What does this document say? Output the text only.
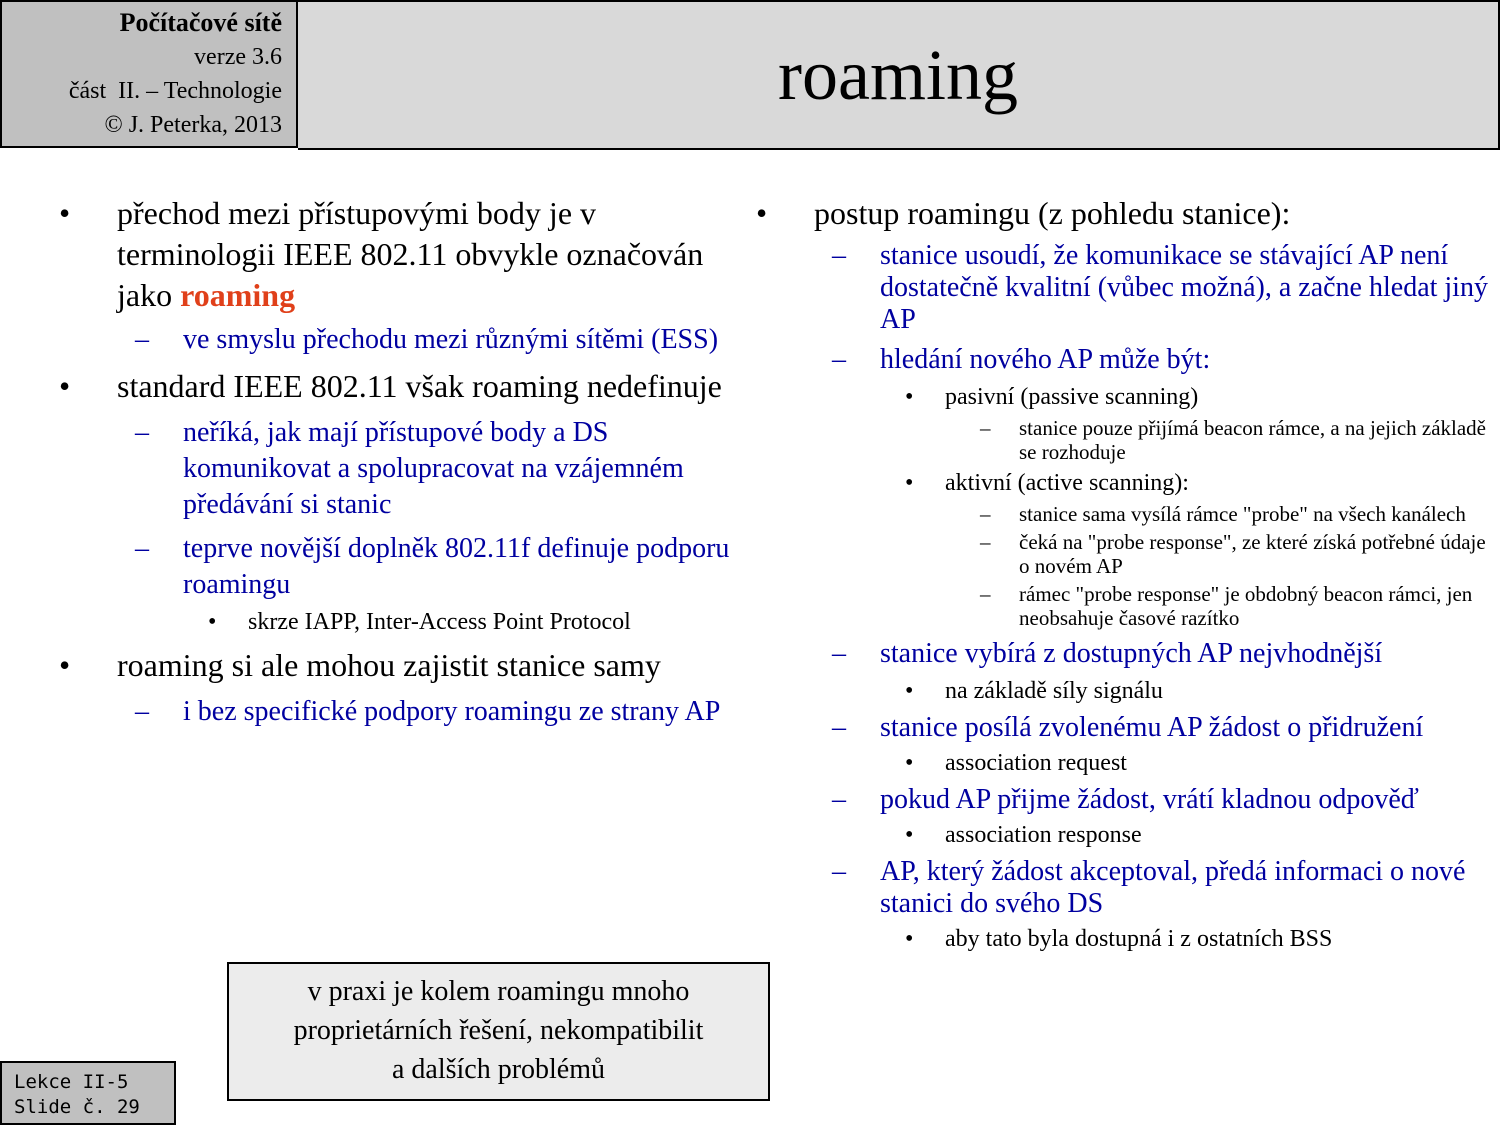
Počítačové sítě
verze 3.6
část  II. – Technologie
© J. Peterka, 2013
roaming
• přechod mezi přístupovými body je v terminologii IEEE 802.11 obvykle označován jako roaming
– ve smyslu přechodu mezi různými sítěmi (ESS)
• standard IEEE 802.11 však roaming nedefinuje
– neříká, jak mají přístupové body a DS komunikovat a spolupracovat na vzájemném předávání si stanic
– teprve novější doplněk 802.11f definuje podporu roamingu
• skrze IAPP, Inter-Access Point Protocol
• roaming si ale mohou zajistit stanice samy
– i bez specifické podpory roamingu ze strany AP
v praxi je kolem roamingu mnoho
proprietárních řešení, nekompatibilit
a dalších problémů
• postup roamingu (z pohledu stanice):
– stanice usoudí, že komunikace se stávající AP není dostatečně kvalitní (vůbec možná), a začne hledat jiný AP
– hledání nového AP může být:
• pasivní (passive scanning)
– stanice pouze přijímá beacon rámce, a na jejich základě se rozhoduje
• aktivní (active scanning):
– stanice sama vysílá rámce "probe" na všech kanálech
– čeká na "probe response", ze které získá potřebné údaje o novém AP
– rámec "probe response" je obdobný beacon rámci, jen neobsahuje časové razítko
– stanice vybírá z dostupných AP nejvhodnější
• na základě síly signálu
– stanice posílá zvolenému AP žádost o přidružení
• association request
– pokud AP přijme žádost, vrátí kladnou odpověď
• association response
– AP, který žádost akceptoval, předá informaci o nové stanici do svého DS
• aby tato byla dostupná i z ostatních BSS
Lekce II-5
Slide č. 29
